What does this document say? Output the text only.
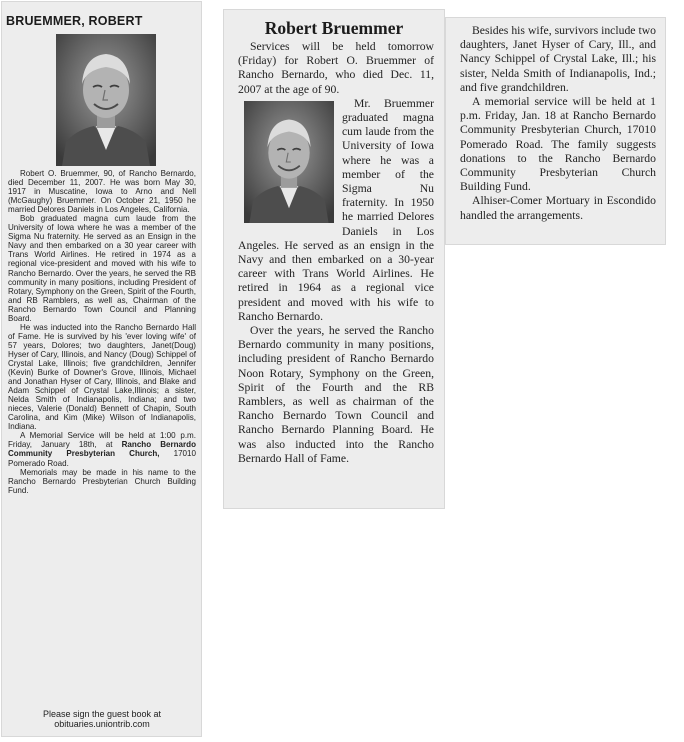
BRUEMMER, ROBERT

Robert O. Bruemmer, 90, of Rancho Bernardo, died December 11, 2007. He was born May 30, 1917 in Muscatine, Iowa to Arno and Nell (McGaughy) Bruemmer. On October 21, 1950 he married Delores Daniels in Los Angeles, California.

Bob graduated magna cum laude from the University of Iowa where he was a member of the Sigma Nu fraternity. He served as an Ensign in the Navy and then embarked on a 30 year career with Trans World Airlines. He retired in 1974 as a regional vice-president and moved with his wife to Rancho Bernardo. Over the years, he served the RB community in many positions, including President of Rotary, Symphony on the Green, Spirit of the Fourth, and RB Ramblers, as well as, Chairman of the Rancho Bernardo Town Council and Planning Board.

He was inducted into the Rancho Bernardo Hall of Fame. He is survived by his 'ever loving wife' of 57 years, Dolores; two daughters, Janet(Doug) Hyser of Cary, Illinois, and Nancy (Doug) Schippel of Crystal Lake, Illinois; five grandchildren, Jennifer (Kevin) Burke of Downer's Grove, Illinois, Michael and Jonathan Hyser of Cary, Illinois, and Blake and Adam Schippel of Crystal Lake,Illinois; a sister, Nelda Smith of Indianapolis, Indiana; and two nieces, Valerie (Donald) Bennett of Chapin, South Carolina, and Kim (Mike) Wilson of Indianapolis, Indiana.

A Memorial Service will be held at 1:00 p.m. Friday, January 18th, at Rancho Bernardo Community Presbyterian Church, 17010 Pomerado Road.

Memorials may be made in his name to the Rancho Bernardo Presbyterian Church Building Fund.

Please sign the guest book at
obituaries.uniontrib.com
Robert Bruemmer

Services will be held tomorrow (Friday) for Robert O. Bruemmer of Rancho Bernardo, who died Dec. 11, 2007 at the age of 90.

Mr. Bruemmer graduated magna cum laude from the University of Iowa where he was a member of the Sigma Nu fraternity. In 1950 he married Delores Daniels in Los Angeles. He served as an ensign in the Navy and then embarked on a 30-year career with Trans World Airlines. He retired in 1964 as a regional vice president and moved with his wife to Rancho Bernardo.

Over the years, he served the Rancho Bernardo community in many positions, including president of Rancho Bernardo Noon Rotary, Symphony on the Green, Spirit of the Fourth and the RB Ramblers, as well as chairman of the Rancho Bernardo Town Council and Rancho Bernardo Planning Board. He was also inducted into the Rancho Bernardo Hall of Fame.

Besides his wife, survivors include two daughters, Janet Hyser of Cary, Ill., and Nancy Schippel of Crystal Lake, Ill.; his sister, Nelda Smith of Indianapolis, Ind.; and five grandchildren.

A memorial service will be held at 1 p.m. Friday, Jan. 18 at Rancho Bernardo Community Presbyterian Church, 17010 Pomerado Road. The family suggests donations to the Rancho Bernardo Community Presbyterian Church Building Fund.

Alhiser-Comer Mortuary in Escondido handled the arrangements.
